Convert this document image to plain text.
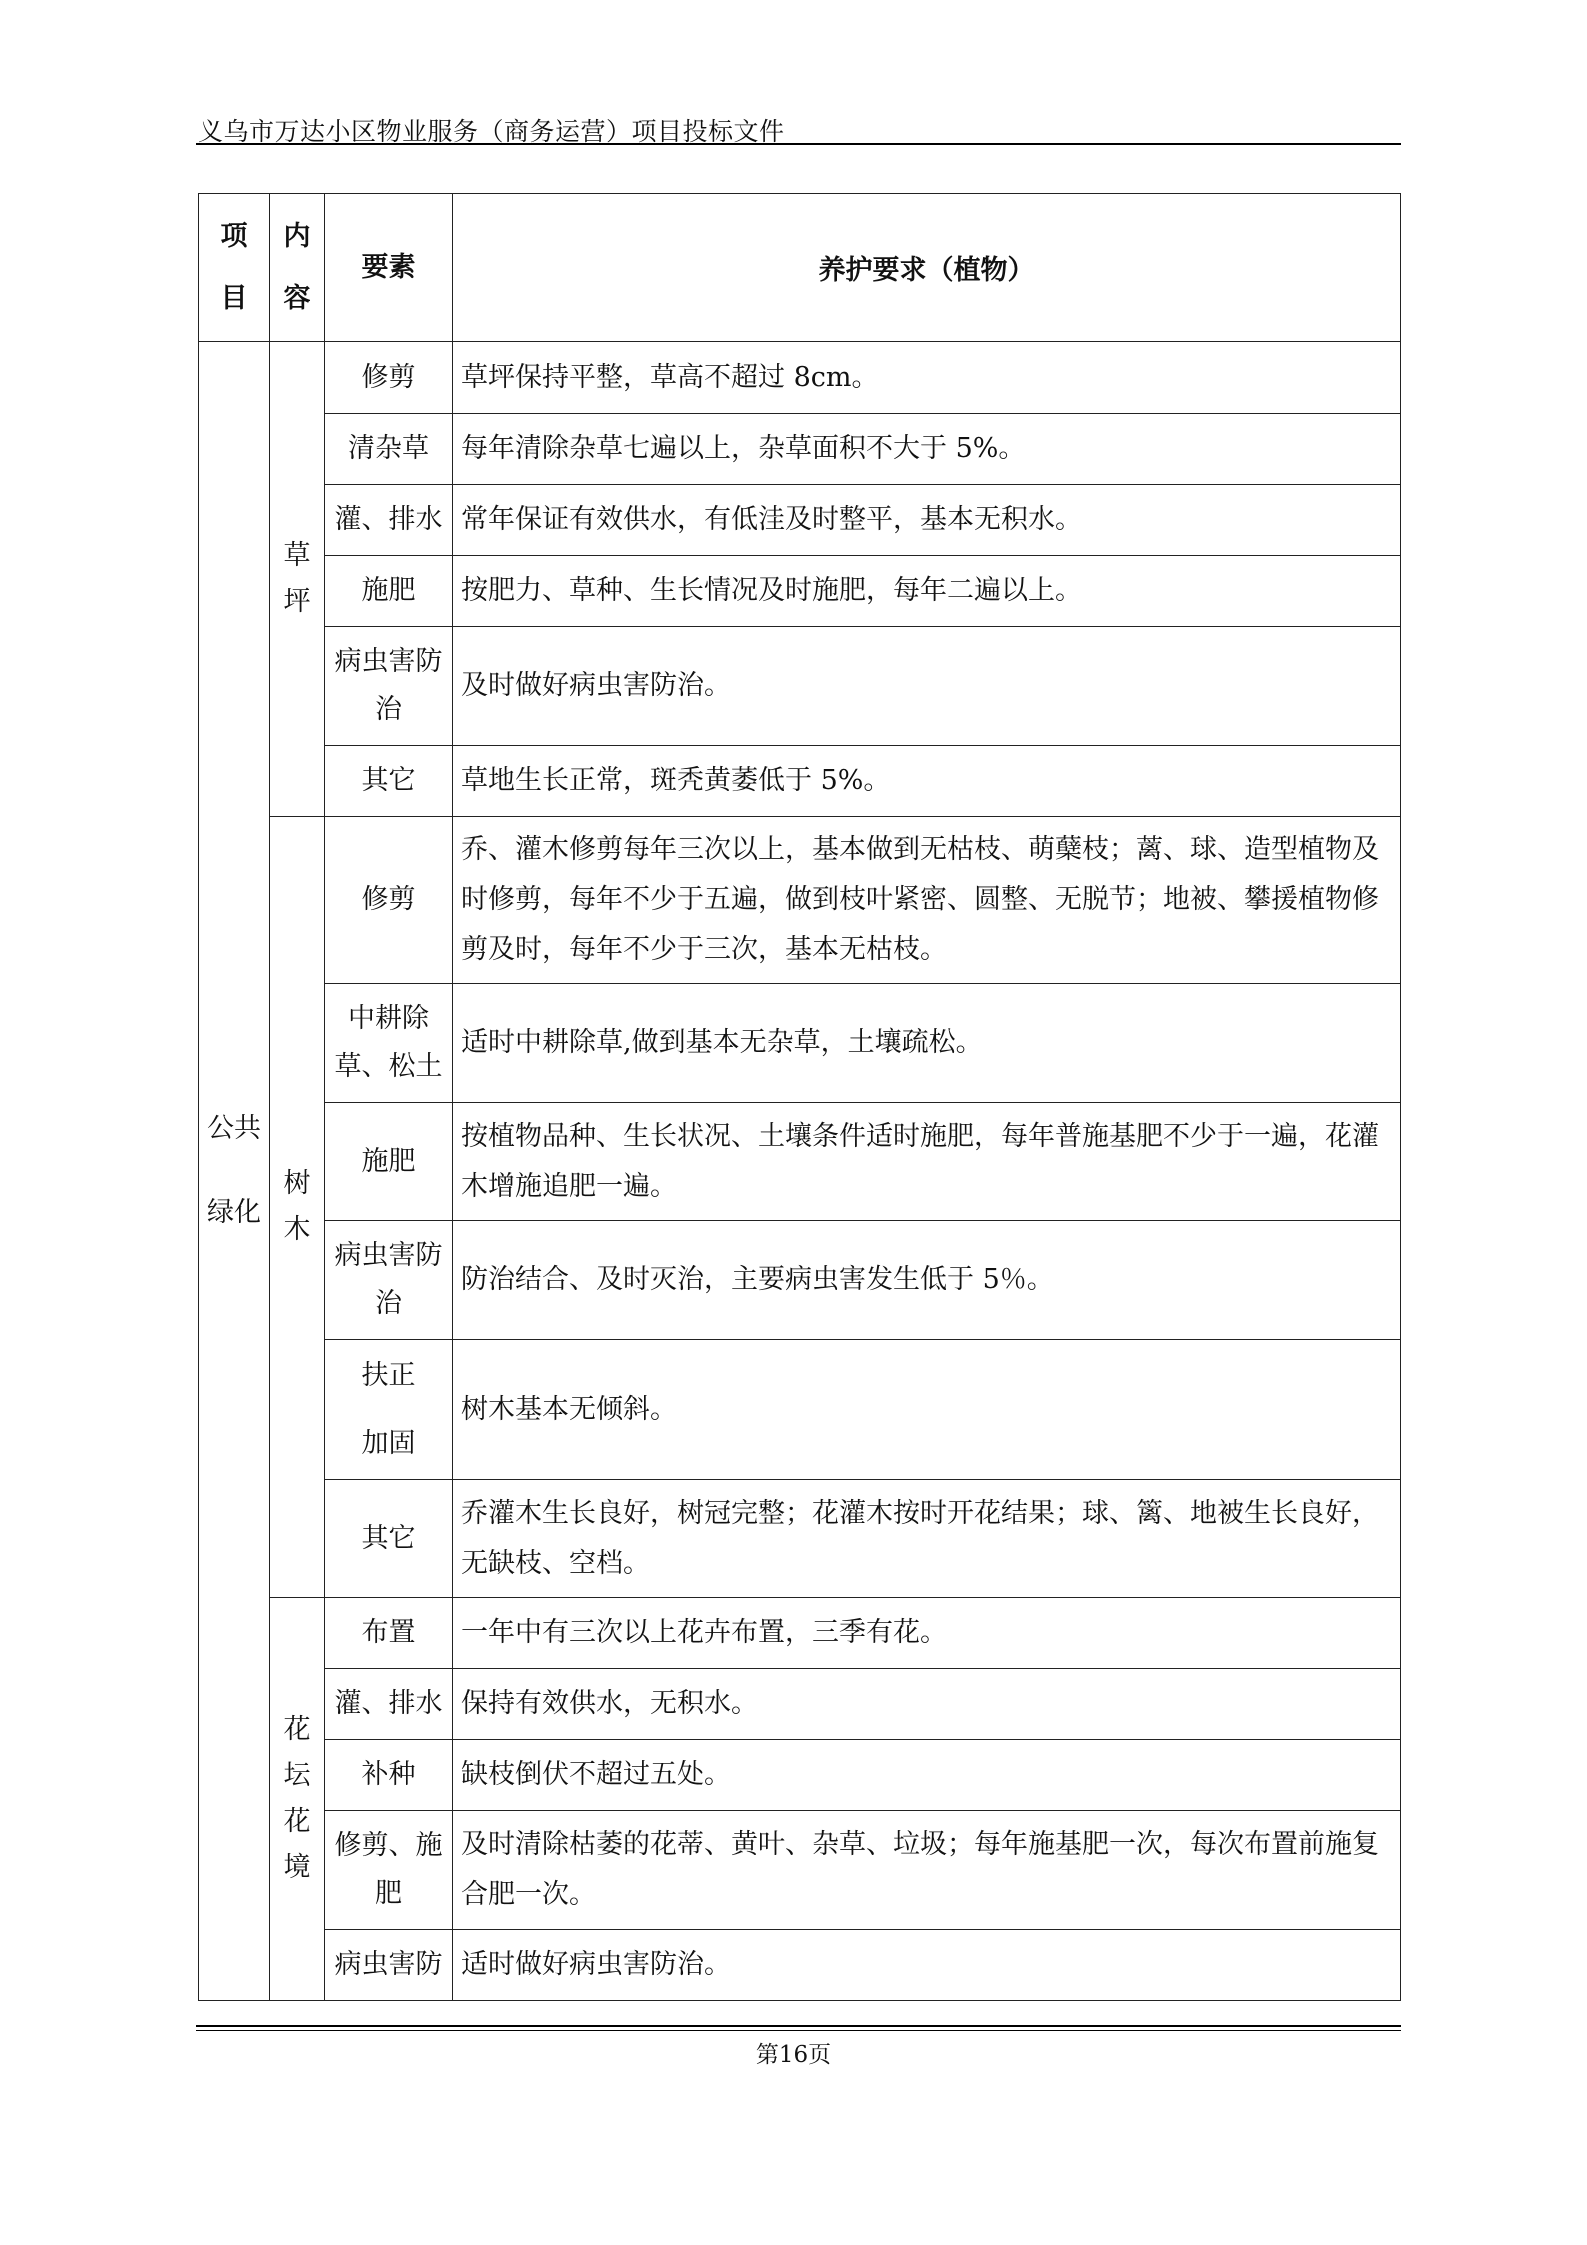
义乌市万达小区物业服务（商务运营）项目投标文件
项目	内容	要素	养护要求（植物）
公共绿化	草坪	修剪	草坪保持平整，草高不超过 8cm。
		清杂草	每年清除杂草七遍以上，杂草面积不大于 5%。
		灌、排水	常年保证有效供水，有低洼及时整平，基本无积水。
		施肥	按肥力、草种、生长情况及时施肥，每年二遍以上。
		病虫害防治	及时做好病虫害防治。
		其它	草地生长正常，斑秃黄萎低于 5%。
	树木	修剪	乔、灌木修剪每年三次以上，基本做到无枯枝、萌蘖枝；蓠、球、造型植物及时修剪，每年不少于五遍，做到枝叶紧密、圆整、无脱节；地被、攀援植物修剪及时，每年不少于三次，基本无枯枝。
		中耕除草、松土	适时中耕除草,做到基本无杂草，土壤疏松。
		施肥	按植物品种、生长状况、土壤条件适时施肥，每年普施基肥不少于一遍，花灌木增施追肥一遍。
		病虫害防治	防治结合、及时灭治，主要病虫害发生低于 5％。
		扶正加固	树木基本无倾斜。
		其它	乔灌木生长良好，树冠完整；花灌木按时开花结果；球、篱、地被生长良好，无缺枝、空档。
	花坛花境	布置	一年中有三次以上花卉布置，三季有花。
		灌、排水	保持有效供水，无积水。
		补种	缺枝倒伏不超过五处。
		修剪、施肥	及时清除枯萎的花蒂、黄叶、杂草、垃圾；每年施基肥一次，每次布置前施复合肥一次。
		病虫害防	适时做好病虫害防治。
第16页
